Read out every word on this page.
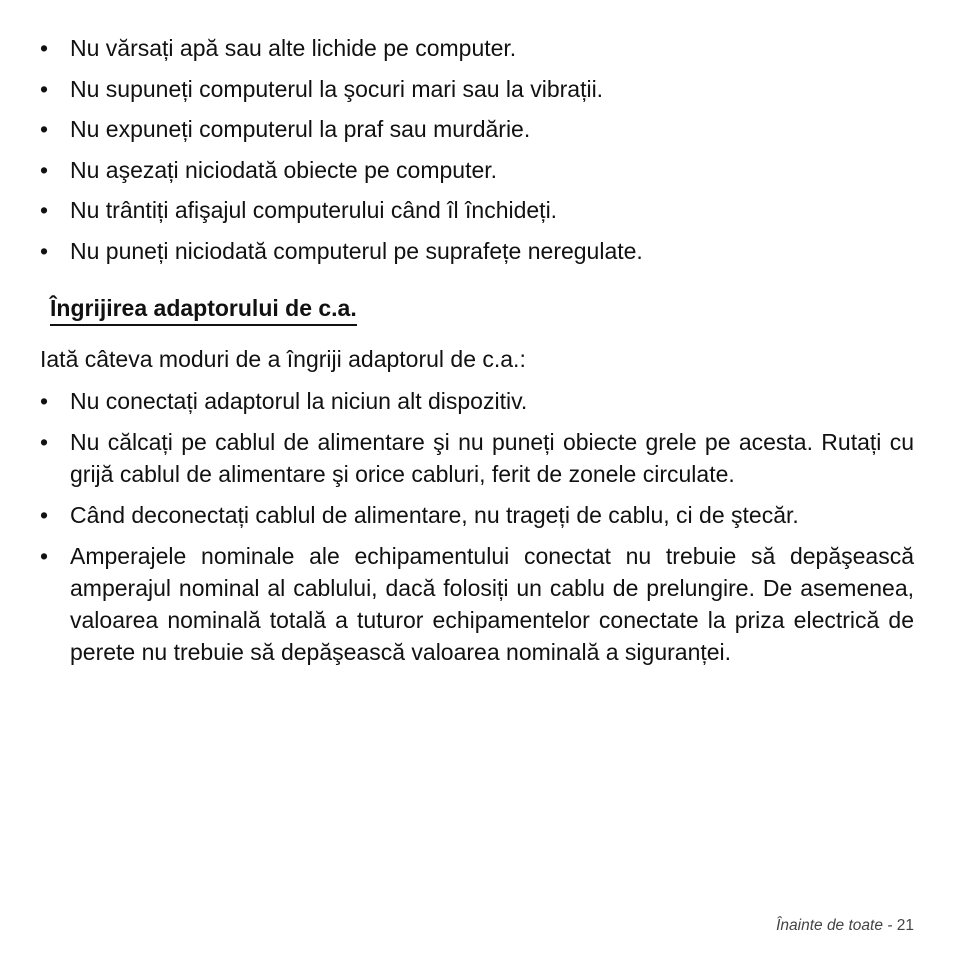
• Nu vărsați apă sau alte lichide pe computer.
• Nu supuneți computerul la şocuri mari sau la vibrații.
• Nu expuneți computerul la praf sau murdărie.
• Nu aşezați niciodată obiecte pe computer.
• Nu trântiți afişajul computerului când îl închideți.
• Nu puneți niciodată computerul pe suprafețe neregulate.
Îngrijirea adaptorului de c.a.
Iată câteva moduri de a îngriji adaptorul de c.a.:
• Nu conectați adaptorul la niciun alt dispozitiv.
• Nu călcați pe cablul de alimentare şi nu puneți obiecte grele pe acesta. Rutați cu grijă cablul de alimentare şi orice cabluri, ferit de zonele circulate.
• Când deconectați cablul de alimentare, nu trageți de cablu, ci de ştecăr.
• Amperajele nominale ale echipamentului conectat nu trebuie să depăşească amperajul nominal al cablului, dacă folosiți un cablu de prelungire. De asemenea, valoarea nominală totală a tuturor echipamentelor conectate la priza electrică de perete nu trebuie să depăşească valoarea nominală a siguranței.
Înainte de toate - 21
